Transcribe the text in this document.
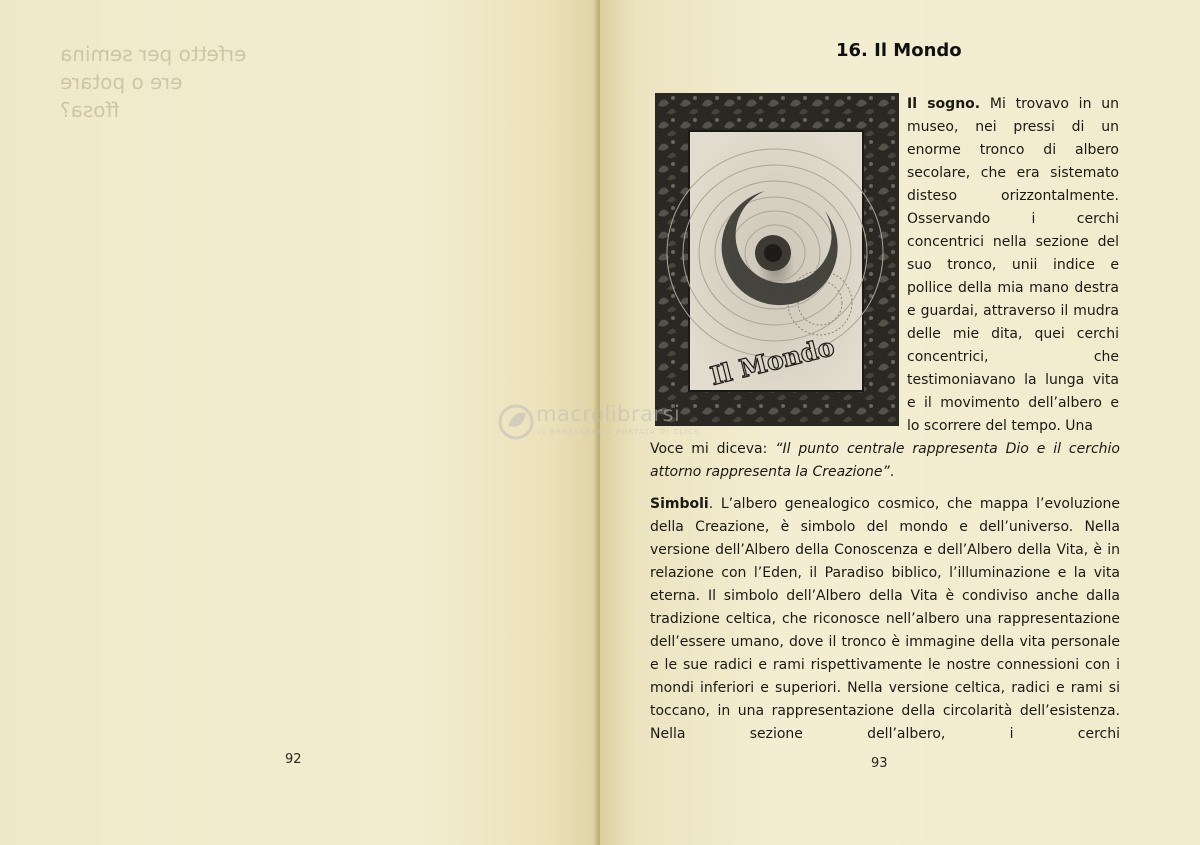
erfetto per semina
ere o potare
ffosa?
92
16. Il Mondo
Il Mondo

Il sogno. Mi trovavo in un museo, nei pressi di un enorme tronco di albero secolare, che era sistemato disteso orizzontalmente. Osservando i cerchi concentrici nella sezione del suo tronco, unii indice e pollice della mia mano destra e guardai, attraverso il mudra delle mie dita, quei cerchi concentrici, che testimoniavano la lunga vita e il movimento dell’albero e lo scorrere del tempo. Una

Voce mi diceva: “Il punto centrale rappresenta Dio e il cerchio attorno rappresenta la Creazione”.

Simboli. L’albero genealogico cosmico, che mappa l’evoluzione della Creazione, è simbolo del mondo e dell’universo. Nella versione dell’Albero della Conoscenza e dell’Albero della Vita, è in relazione con l’Eden, il Paradiso biblico, l’illuminazione e la vita eterna. Il simbolo dell’Albero della Vita è condiviso anche dalla tradizione celtica, che riconosce nell’albero una rappresentazione dell’essere umano, dove il tronco è immagine della vita personale e le sue radici e rami rispettivamente le nostre connessioni con i mondi inferiori e superiori. Nella versione celtica, radici e rami si toccano, in una rappresentazione della circolarità dell’esistenza. Nella sezione dell’albero, i cerchi

93
macrolibrarsi
IL BENESSERE A PORTATA DI CLICK
